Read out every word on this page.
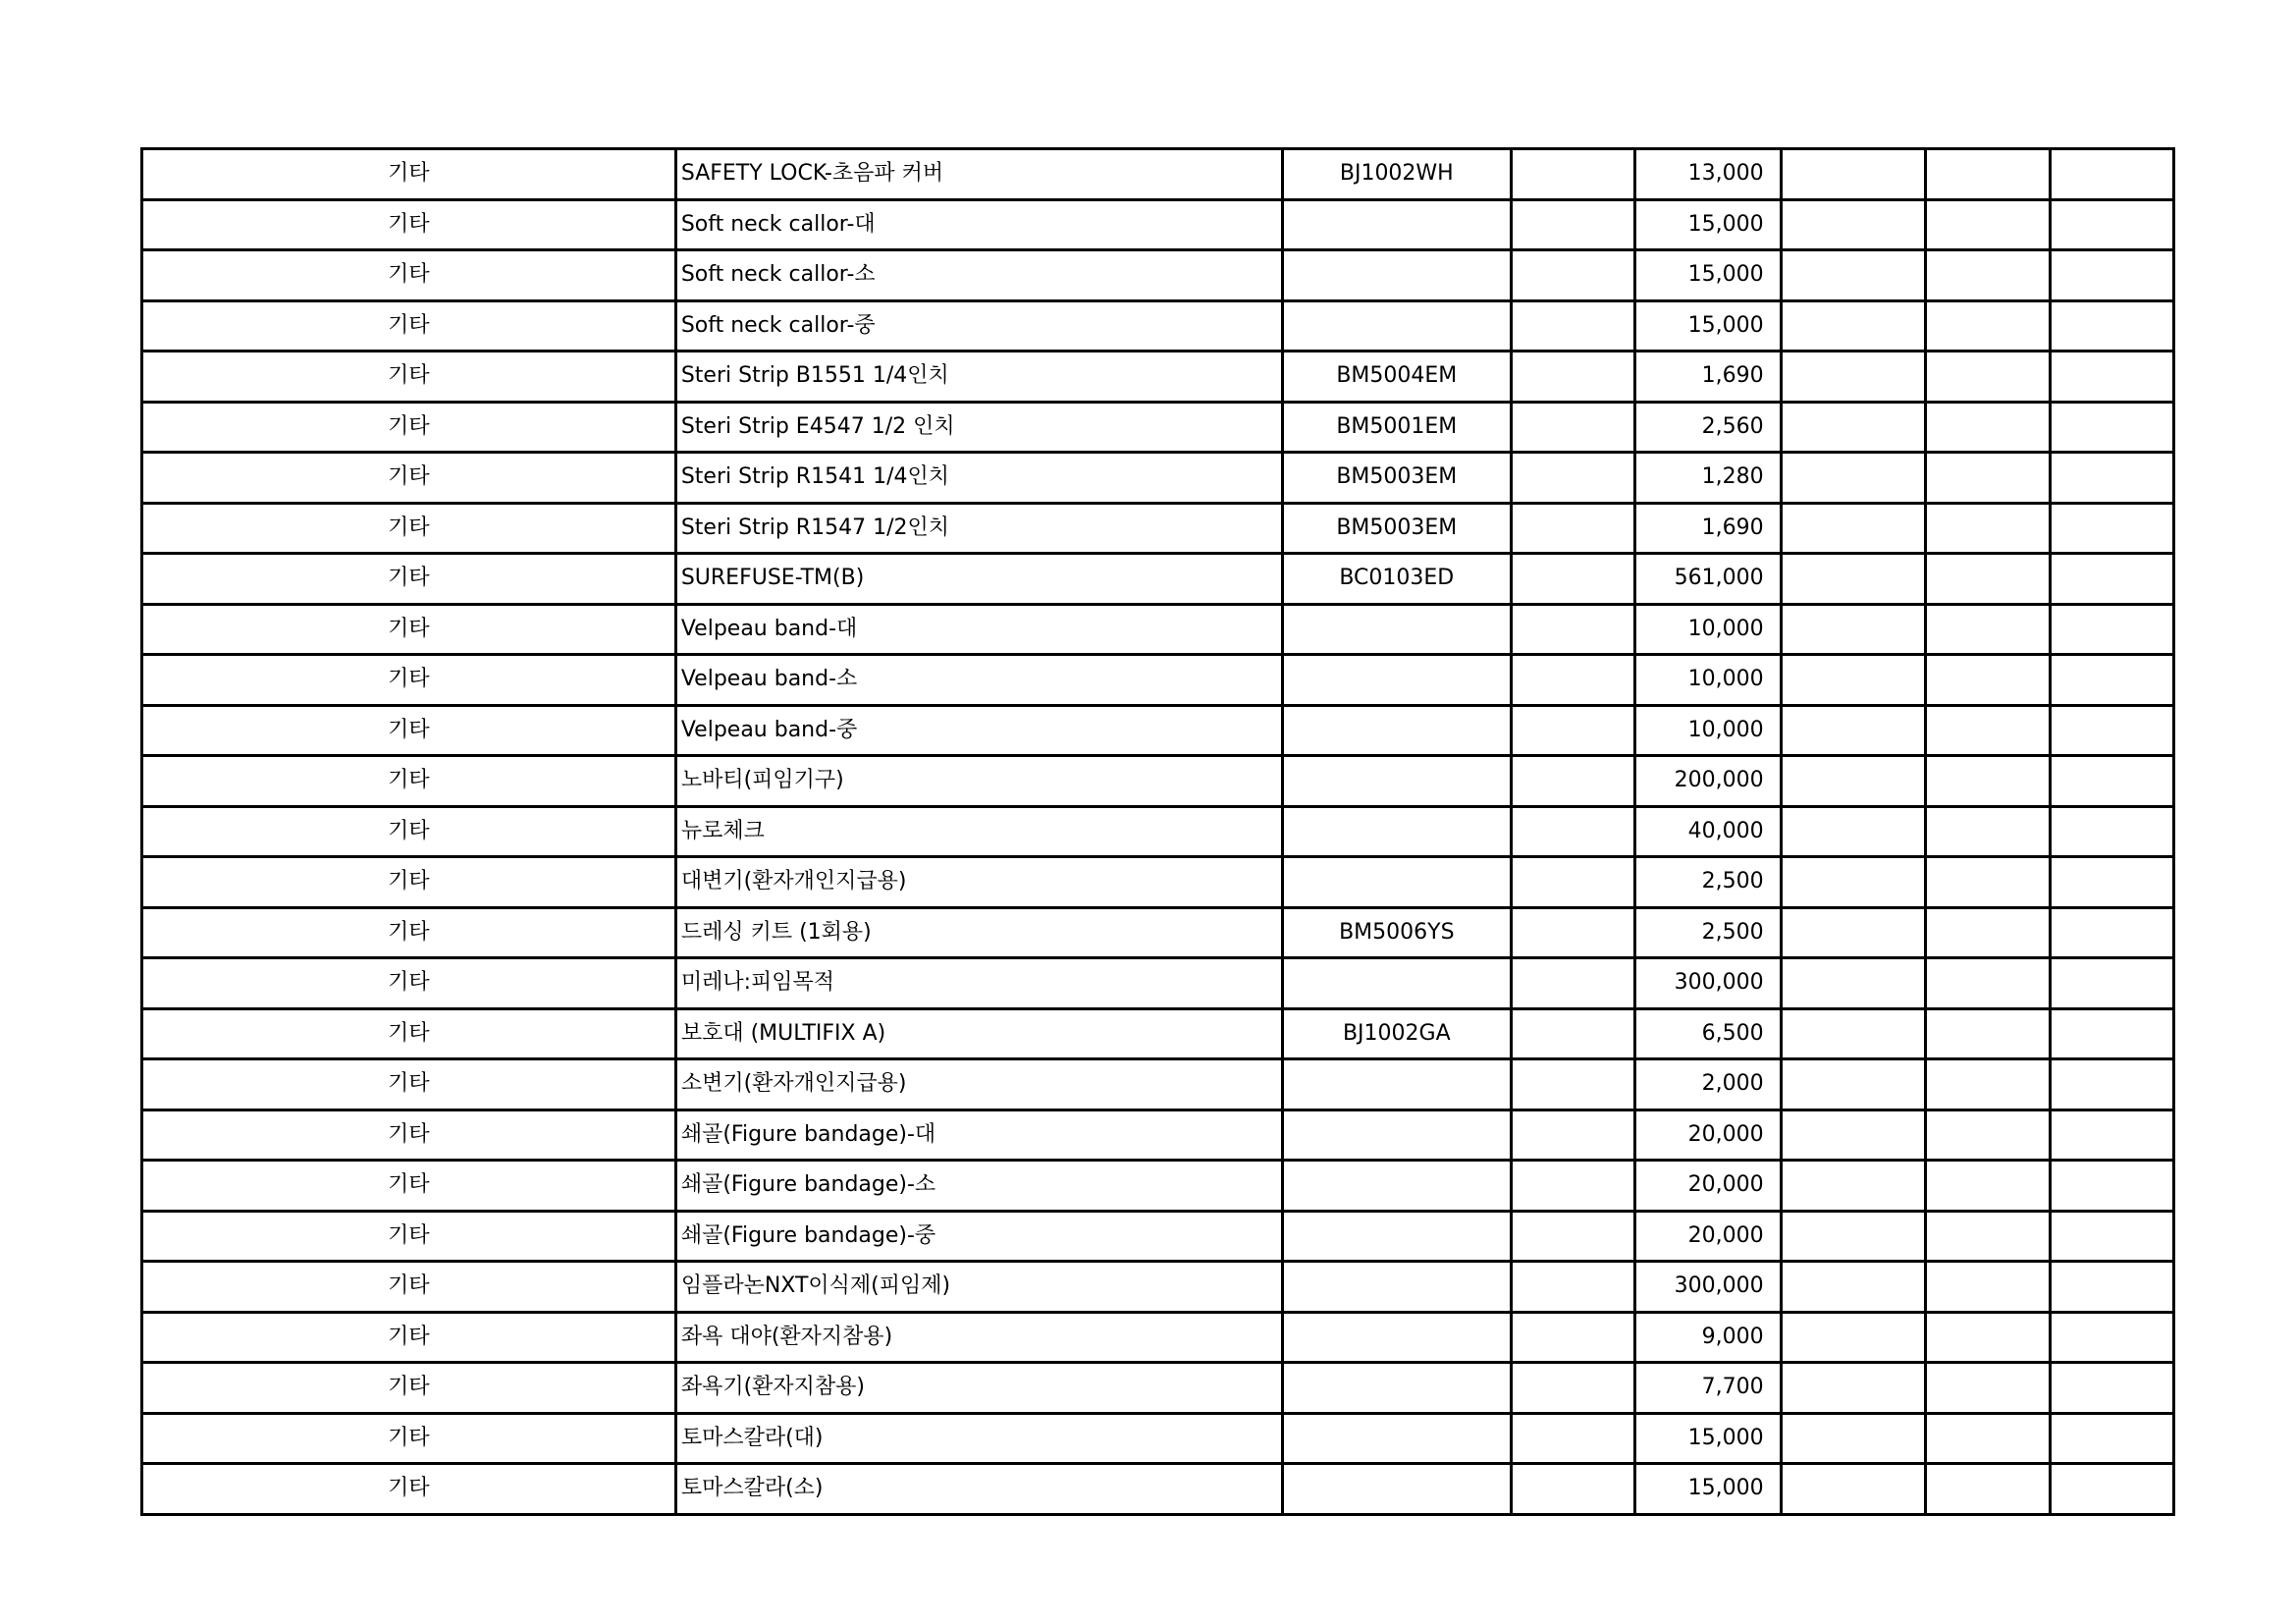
기타	SAFETY LOCK-초음파 커버	BJ1002WH		13,000			
기타	Soft neck callor-대			15,000			
기타	Soft neck callor-소			15,000			
기타	Soft neck callor-중			15,000			
기타	Steri Strip B1551 1/4인치	BM5004EM		1,690			
기타	Steri Strip E4547 1/2 인치	BM5001EM		2,560			
기타	Steri Strip R1541 1/4인치	BM5003EM		1,280			
기타	Steri Strip R1547 1/2인치	BM5003EM		1,690			
기타	SUREFUSE-TM(B)	BC0103ED		561,000			
기타	Velpeau band-대			10,000			
기타	Velpeau band-소			10,000			
기타	Velpeau band-중			10,000			
기타	노바티(피임기구)			200,000			
기타	뉴로체크			40,000			
기타	대변기(환자개인지급용)			2,500			
기타	드레싱 키트 (1회용)	BM5006YS		2,500			
기타	미레나:피임목적			300,000			
기타	보호대 (MULTIFIX A)	BJ1002GA		6,500			
기타	소변기(환자개인지급용)			2,000			
기타	쇄골(Figure bandage)-대			20,000			
기타	쇄골(Figure bandage)-소			20,000			
기타	쇄골(Figure bandage)-중			20,000			
기타	임플라논NXT이식제(피임제)			300,000			
기타	좌욕 대야(환자지참용)			9,000			
기타	좌욕기(환자지참용)			7,700			
기타	토마스칼라(대)			15,000			
기타	토마스칼라(소)			15,000			
